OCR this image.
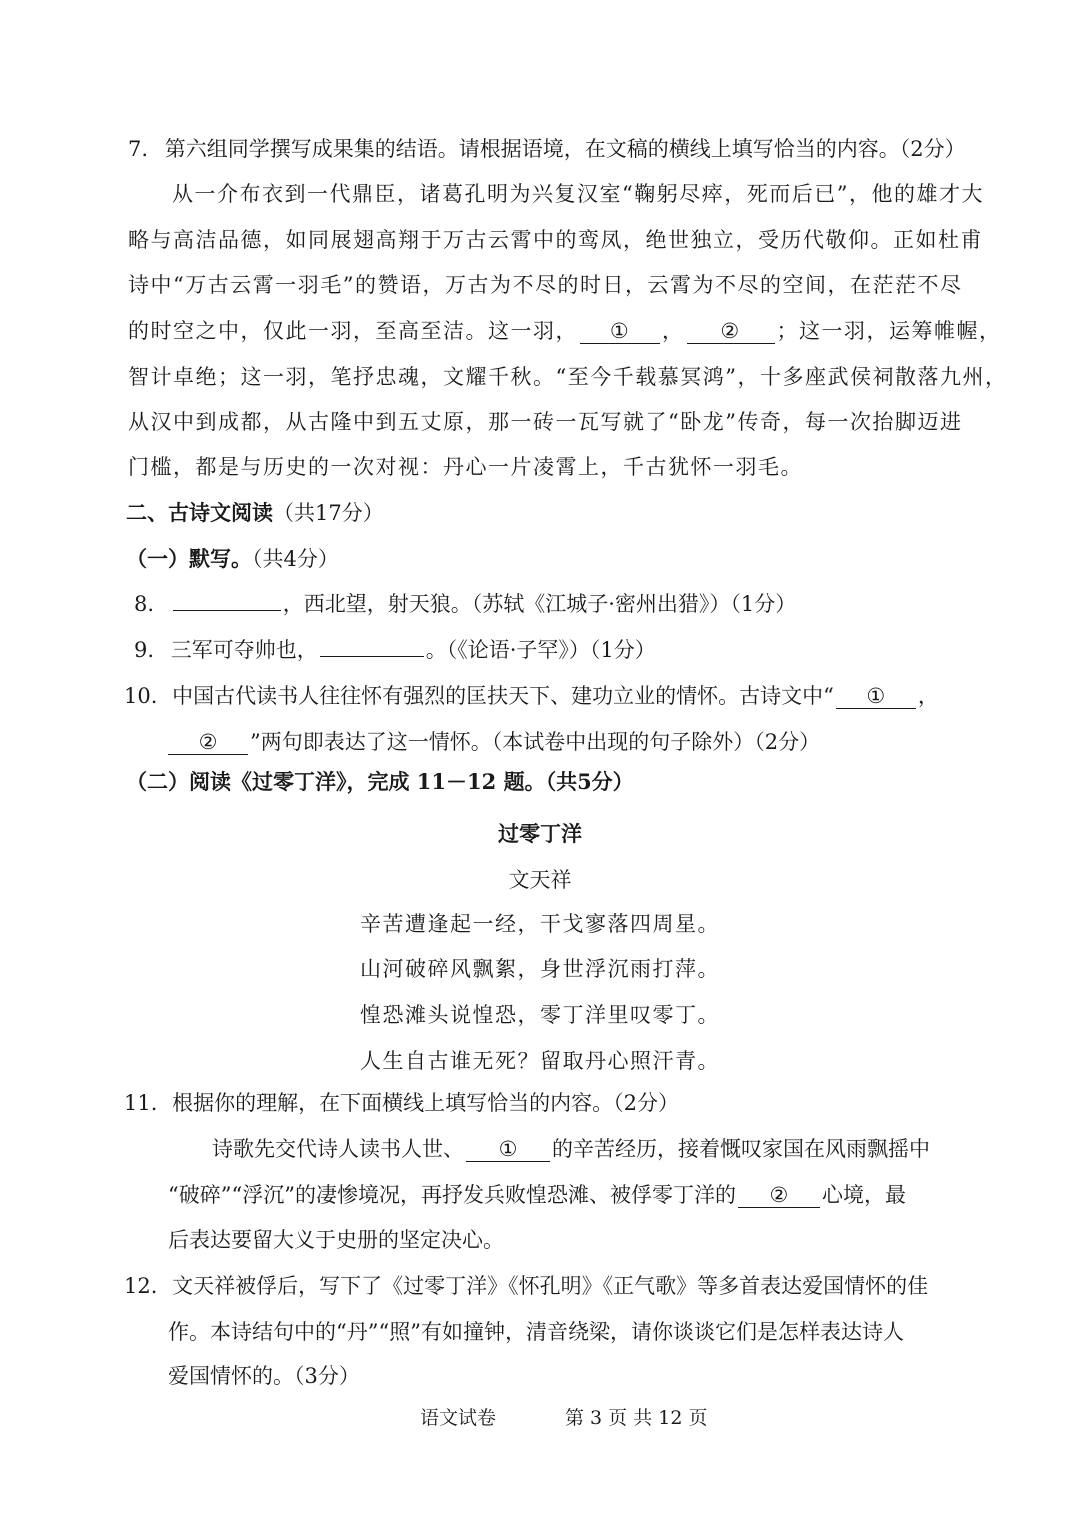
7. 第六组同学撰写成果集的结语。请根据语境，在文稿的横线上填写恰当的内容。（2分）
从一介布衣到一代鼎臣，诸葛孔明为兴复汉室“鞠躬尽瘁，死而后已”，他的雄才大
略与高洁品德，如同展翅高翔于万古云霄中的鸾凤，绝世独立，受历代敬仰。正如杜甫
诗中“万古云霄一羽毛”的赞语，万古为不尽的时日，云霄为不尽的空间，在茫茫不尽
的时空之中，仅此一羽，至高至洁。这一羽， ① ， ② ；这一羽，运筹帷幄，
智计卓绝；这一羽，笔抒忠魂，文耀千秋。“至今千载慕冥鸿”，十多座武侯祠散落九州，
从汉中到成都，从古隆中到五丈原，那一砖一瓦写就了“卧龙”传奇，每一次抬脚迈进
门槛，都是与历史的一次对视：丹心一片凌霄上，千古犹怀一羽毛。
二、古诗文阅读（共17分）
（一）默写。（共4分）
8.	，西北望，射天狼。（苏轼《江城子·密州出猎》）（1分）
9. 三军可夺帅也，	。（《论语·子罕》）（1分）
10. 中国古代读书人往往怀有强烈的匡扶天下、建功立业的情怀。古诗文中“ ① ，
② ”两句即表达了这一情怀。（本试卷中出现的句子除外）（2分）
（二）阅读《过零丁洋》，完成 11－12 题。（共5分）
过零丁洋
文天祥
辛苦遭逢起一经，干戈寥落四周星。
山河破碎风飘絮，身世浮沉雨打萍。
惶恐滩头说惶恐，零丁洋里叹零丁。
人生自古谁无死？留取丹心照汗青。
11. 根据你的理解，在下面横线上填写恰当的内容。（2分）
诗歌先交代诗人读书人世、 ① 的辛苦经历，接着慨叹家国在风雨飘摇中
“破碎”“浮沉”的凄惨境况，再抒发兵败惶恐滩、被俘零丁洋的 ② 心境，最
后表达要留大义于史册的坚定决心。
12. 文天祥被俘后，写下了《过零丁洋》《怀孔明》《正气歌》等多首表达爱国情怀的佳
作。本诗结句中的“丹”“照”有如撞钟，清音绕梁，请你谈谈它们是怎样表达诗人
爱国情怀的。（3分）
语文试卷	第 3 页 共 12 页
